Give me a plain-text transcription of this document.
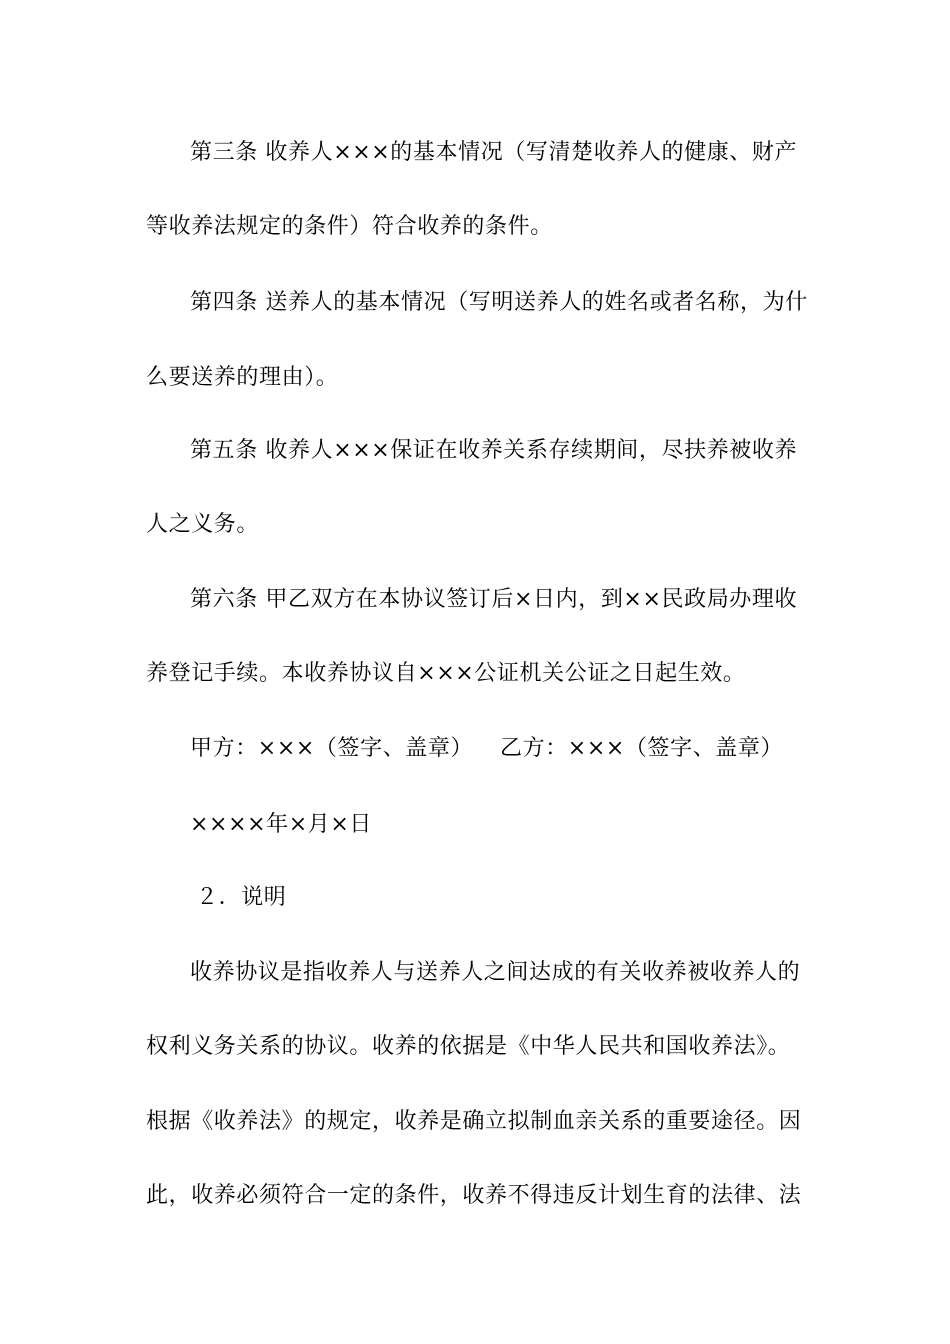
第三条 收养人×××的基本情况（写清楚收养人的健康、财产
等收养法规定的条件）符合收养的条件。
第四条 送养人的基本情况（写明送养人的姓名或者名称，为什
么要送养的理由）。
第五条 收养人×××保证在收养关系存续期间，尽扶养被收养
人之义务。
第六条 甲乙双方在本协议签订后×日内，到××民政局办理收
养登记手续。本收养协议自×××公证机关公证之日起生效。
甲方：×××（签字、盖章） 乙方：×××（签字、盖章）
××××年×月×日
２．说明
收养协议是指收养人与送养人之间达成的有关收养被收养人的
权利义务关系的协议。收养的依据是《中华人民共和国收养法》。
根据《收养法》的规定，收养是确立拟制血亲关系的重要途径。因
此，收养必须符合一定的条件，收养不得违反计划生育的法律、法
